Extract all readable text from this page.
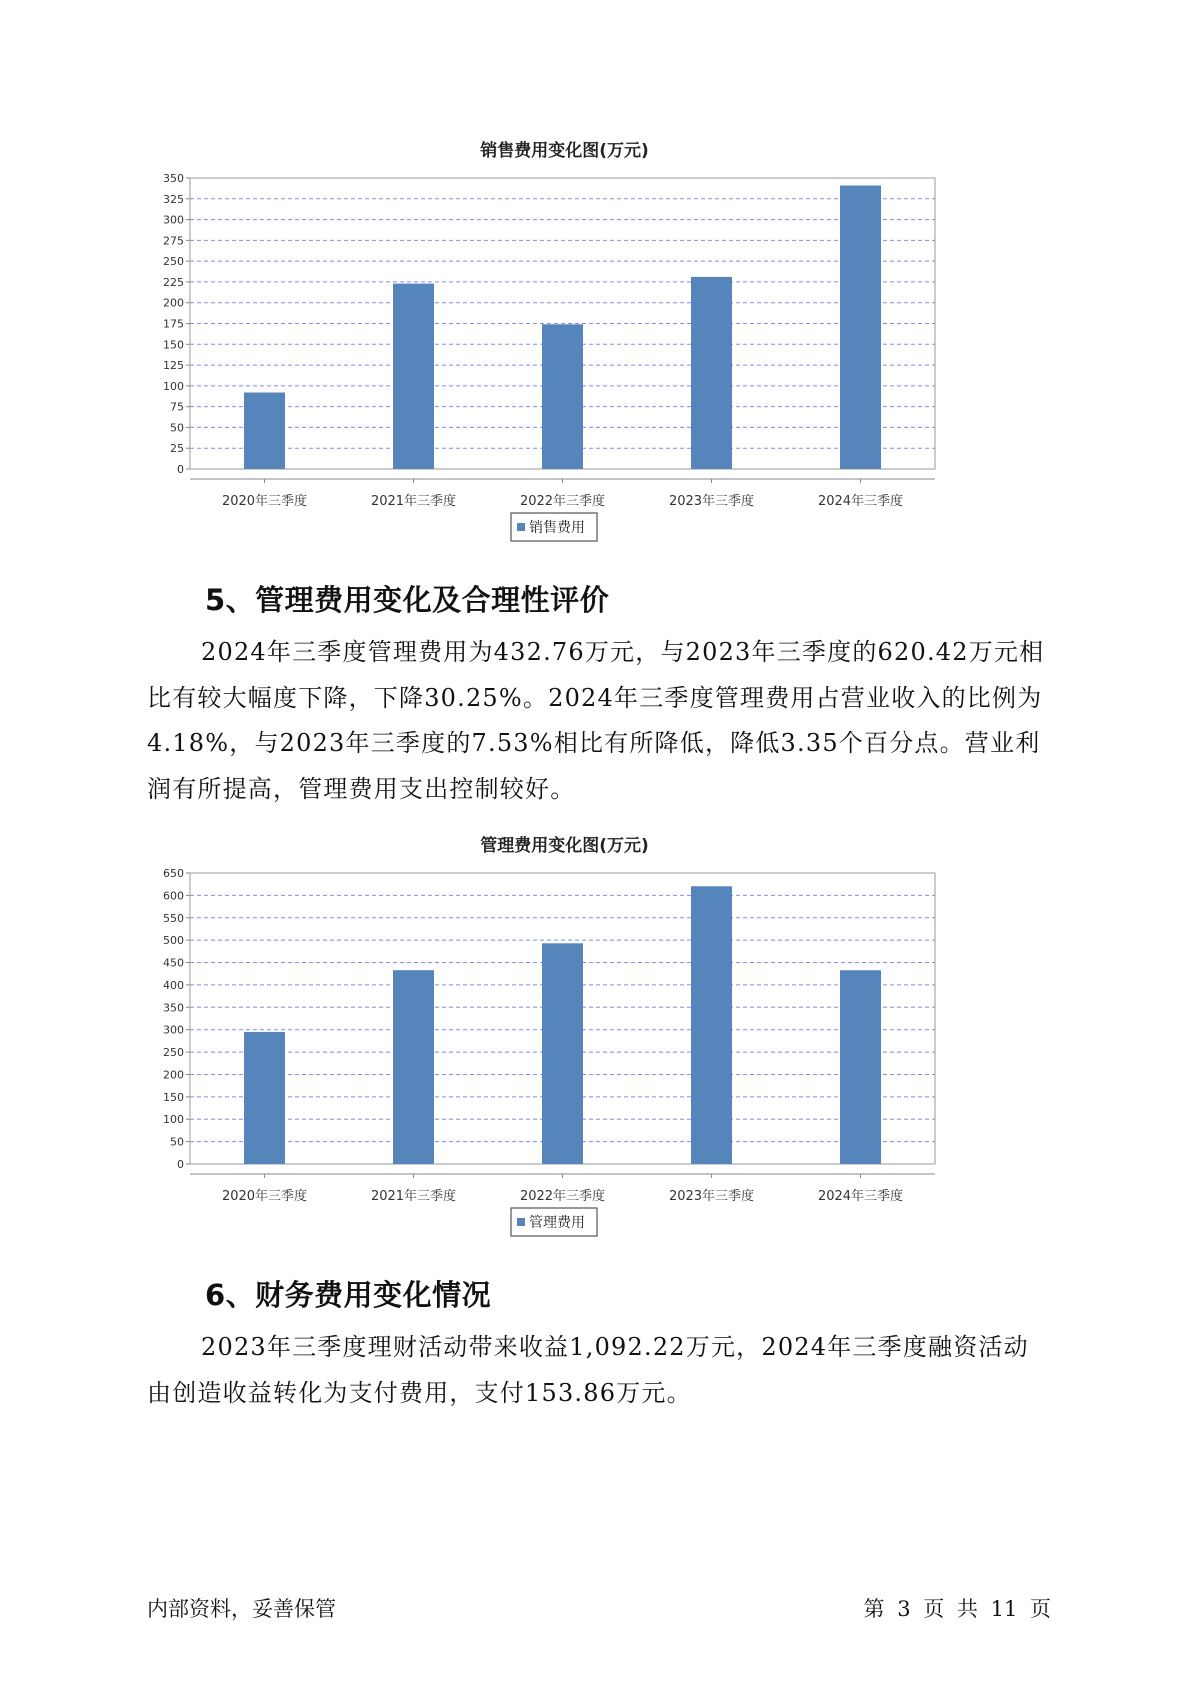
销售费用变化图(万元)
0
25
50
75
100
125
150
175
200
225
250
275
300
325
350
2020年三季度	2021年三季度	2022年三季度	2023年三季度	2024年三季度
销售费用
5、管理费用变化及合理性评价

2024年三季度管理费用为432.76万元，与2023年三季度的620.42万元相比有较大幅度下降，下降30.25%。2024年三季度管理费用占营业收入的比例为4.18%，与2023年三季度的7.53%相比有所降低，降低3.35个百分点。营业利润有所提高，管理费用支出控制较好。

管理费用变化图(万元)
0
50
100
150
200
250
300
350
400
450
500
550
600
650
2020年三季度	2021年三季度	2022年三季度	2023年三季度	2024年三季度
管理费用
6、财务费用变化情况

2023年三季度理财活动带来收益1,092.22万元，2024年三季度融资活动由创造收益转化为支付费用，支付153.86万元。

内部资料，妥善保管	第 3 页 共 11 页
